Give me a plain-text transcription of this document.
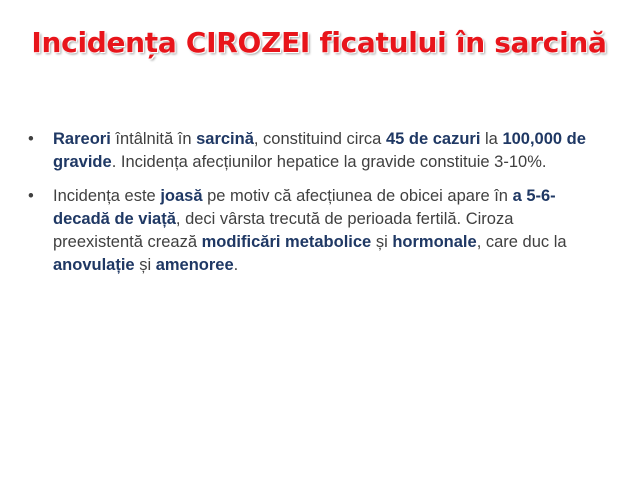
Incidența CIROZEI ficatului în sarcină
• Rareori întâlnită în sarcină, constituind circa 45 de cazuri la 100,000 de gravide. Incidența afecțiunilor hepatice la gravide constituie 3-10%.
• Incidența este joasă pe motiv că afecțiunea de obicei apare în a 5-6-decadă de viață, deci vârsta trecută de perioada fertilă. Ciroza preexistentă crează modificări metabolice și hormonale, care duc la anovulație și amenoree.
